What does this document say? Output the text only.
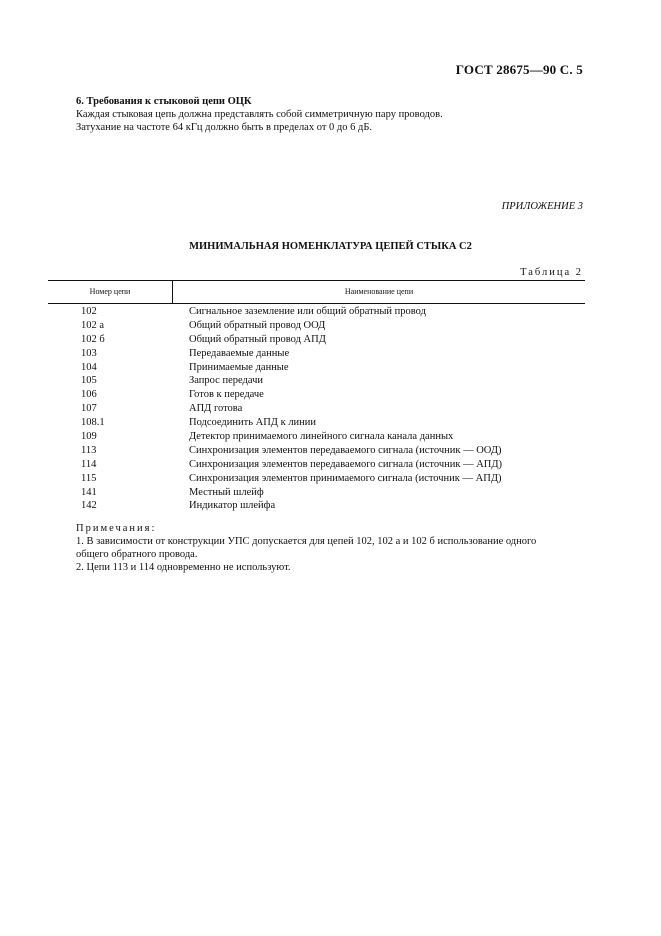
ГОСТ 28675—90 С. 5
6. Требования к стыковой цепи ОЦК
Каждая стыковая цепь должна представлять собой симметричную пару проводов.
Затухание на частоте 64 кГц должно быть в пределах от 0 до 6 дБ.
ПРИЛОЖЕНИЕ 3
МИНИМАЛЬНАЯ НОМЕНКЛАТУРА ЦЕПЕЙ СТЫКА С2
Таблица 2
Номер цепи	Наименование цепи
102	Сигнальное заземление или общий обратный провод
102 а	Общий обратный провод ООД
102 б	Общий обратный провод АПД
103	Передаваемые данные
104	Принимаемые данные
105	Запрос передачи
106	Готов к передаче
107	АПД готова
108.1	Подсоединить АПД к линии
109	Детектор принимаемого линейного сигнала канала данных
113	Синхронизация элементов передаваемого сигнала (источник — ООД)
114	Синхронизация элементов передаваемого сигнала (источник — АПД)
115	Синхронизация элементов принимаемого сигнала (источник — АПД)
141	Местный шлейф
142	Индикатор шлейфа
Примечания:
1. В зависимости от конструкции УПС допускается для цепей 102, 102 а и 102 б использование одного
общего обратного провода.
2. Цепи 113 и 114 одновременно не используют.
